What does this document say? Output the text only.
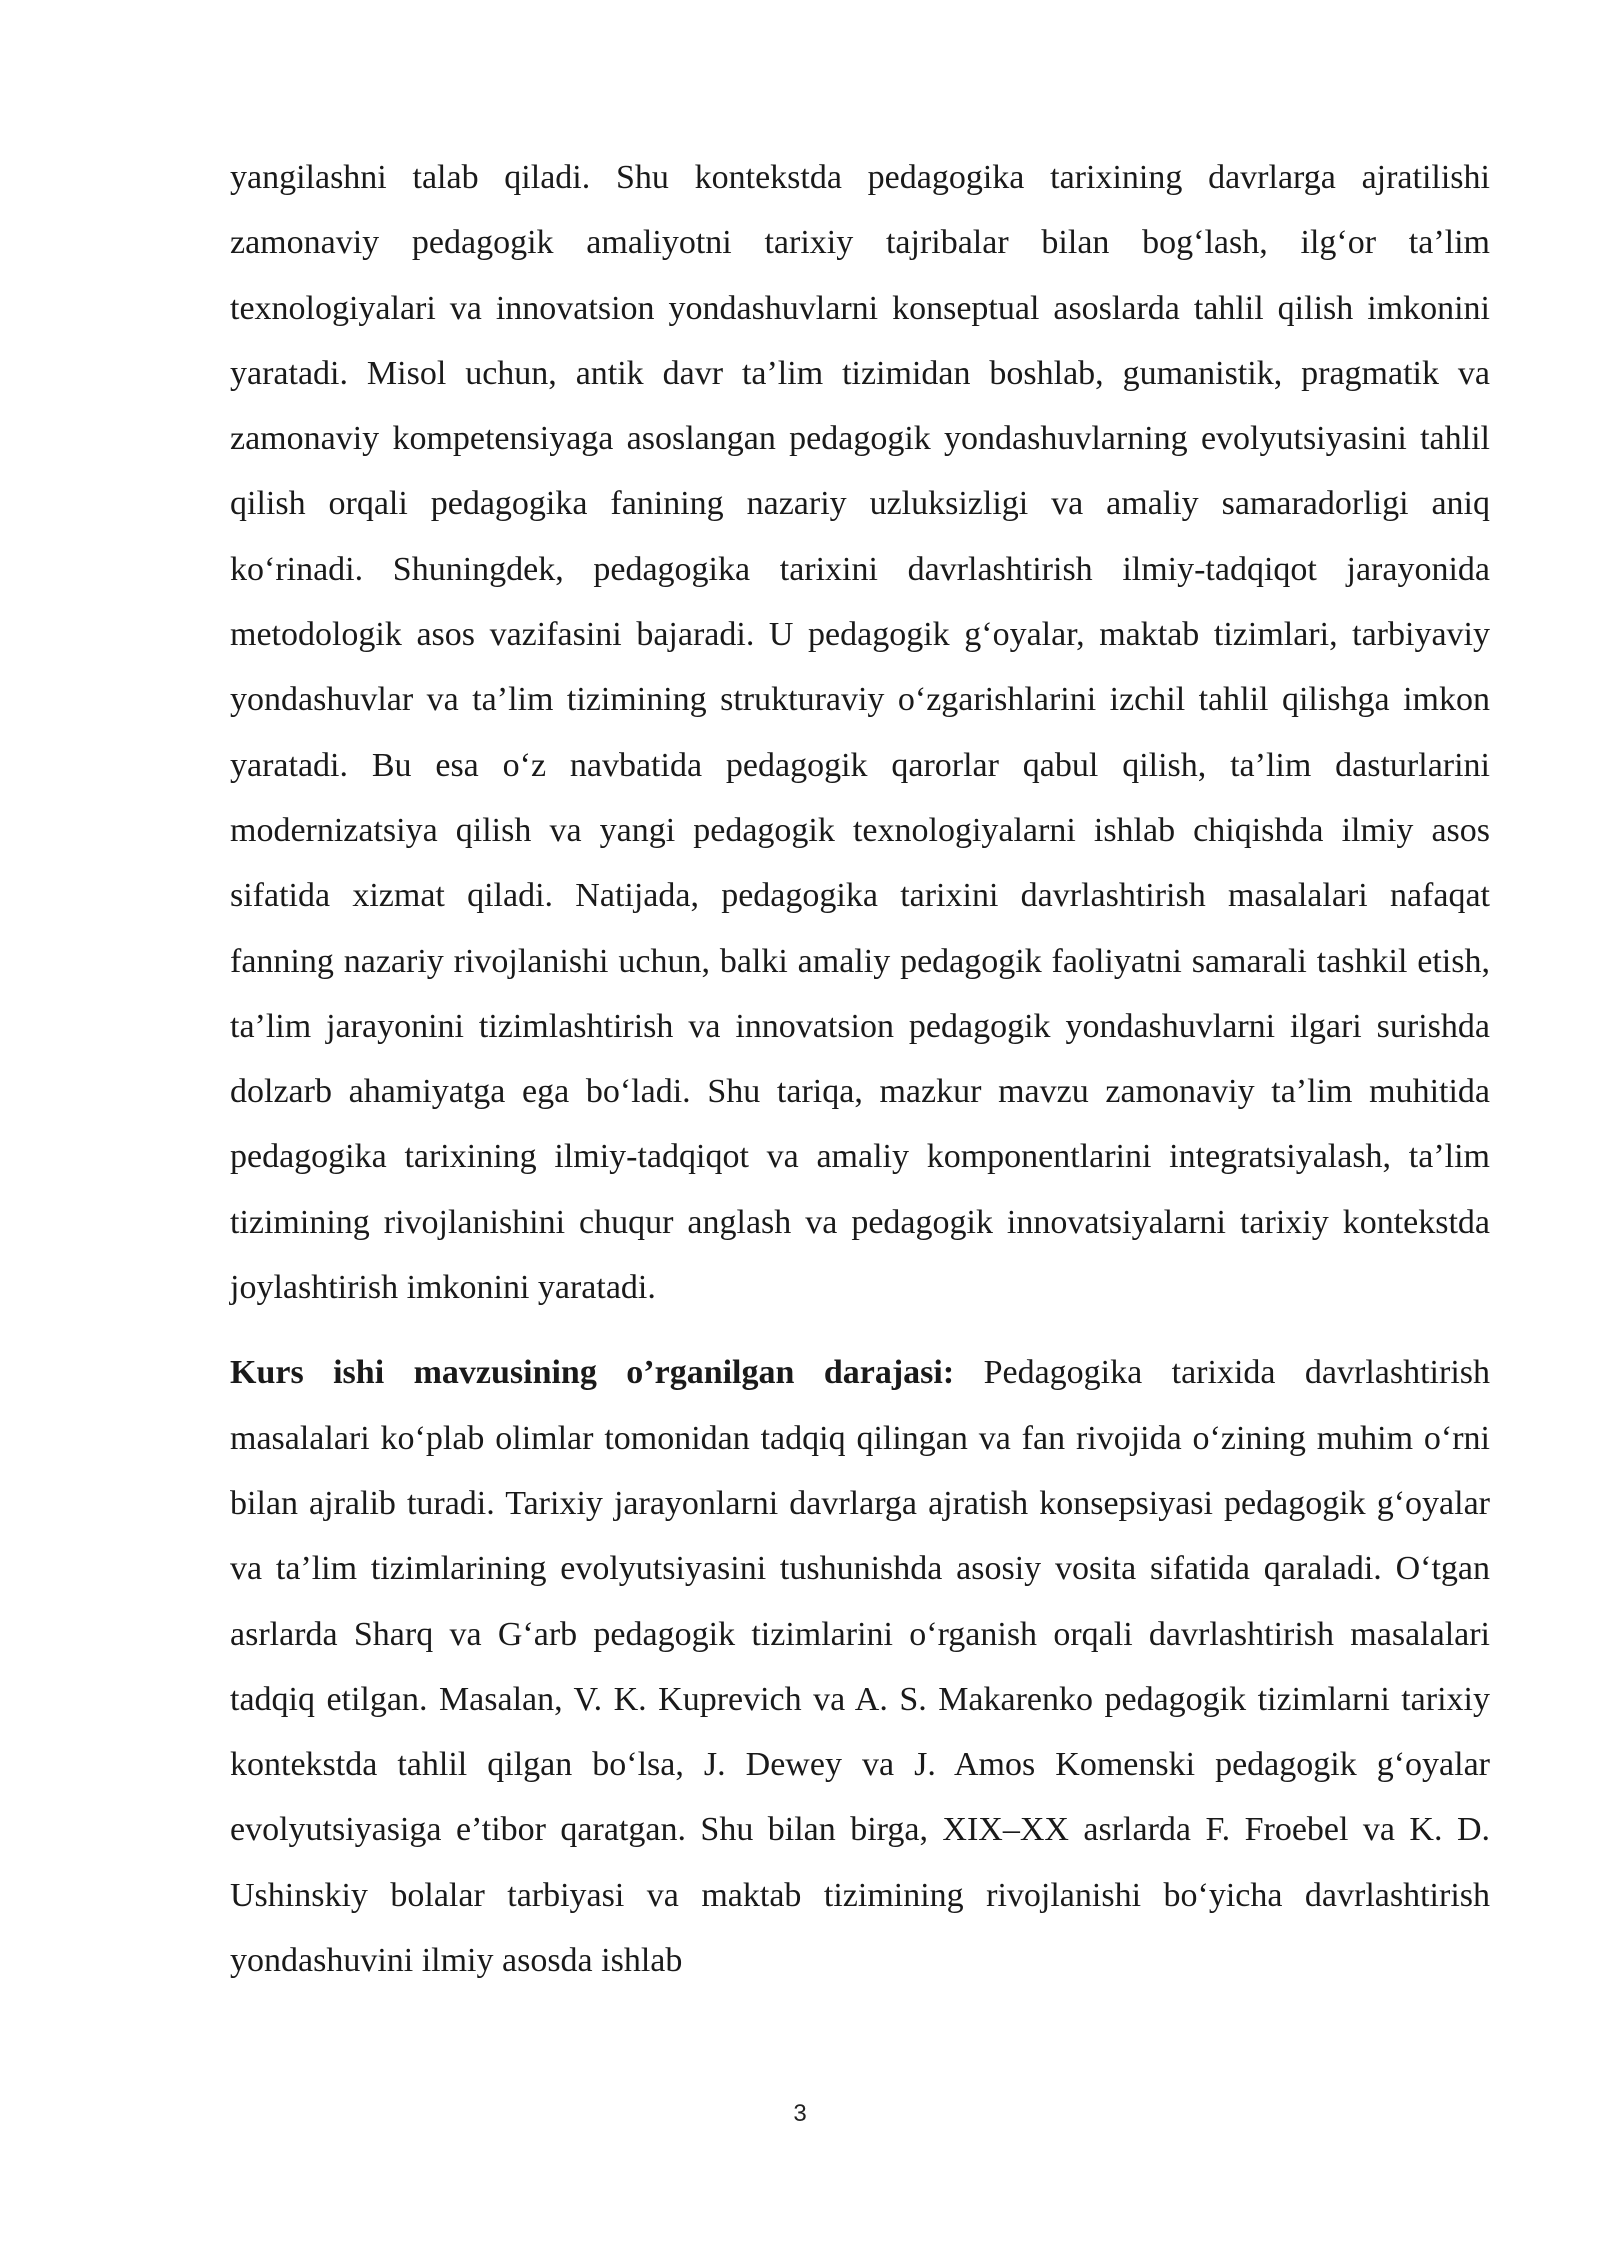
yangilashni talab qiladi. Shu kontekstda pedagogika tarixining davrlarga ajratilishi zamonaviy pedagogik amaliyotni tarixiy tajribalar bilan bog‘lash, ilg‘or ta’lim texnologiyalari va innovatsion yondashuvlarni konseptual asoslarda tahlil qilish imkonini yaratadi. Misol uchun, antik davr ta’lim tizimidan boshlab, gumanistik, pragmatik va zamonaviy kompetensiyaga asoslangan pedagogik yondashuvlarning evolyutsiyasini tahlil qilish orqali pedagogika fanining nazariy uzluksizligi va amaliy samaradorligi aniq ko‘rinadi. Shuningdek, pedagogika tarixini davrlashtirish ilmiy-tadqiqot jarayonida metodologik asos vazifasini bajaradi. U pedagogik g‘oyalar, maktab tizimlari, tarbiyaviy yondashuvlar va ta’lim tizimining strukturaviy o‘zgarishlarini izchil tahlil qilishga imkon yaratadi. Bu esa o‘z navbatida pedagogik qarorlar qabul qilish, ta’lim dasturlarini modernizatsiya qilish va yangi pedagogik texnologiyalarni ishlab chiqishda ilmiy asos sifatida xizmat qiladi. Natijada, pedagogika tarixini davrlashtirish masalalari nafaqat fanning nazariy rivojlanishi uchun, balki amaliy pedagogik faoliyatni samarali tashkil etish, ta’lim jarayonini tizimlashtirish va innovatsion pedagogik yondashuvlarni ilgari surishda dolzarb ahamiyatga ega bo‘ladi. Shu tariqa, mazkur mavzu zamonaviy ta’lim muhitida pedagogika tarixining ilmiy-tadqiqot va amaliy komponentlarini integratsiyalash, ta’lim tizimining rivojlanishini chuqur anglash va pedagogik innovatsiyalarni tarixiy kontekstda joylashtirish imkonini yaratadi.

Kurs ishi mavzusining o’rganilgan darajasi: Pedagogika tarixida davrlashtirish masalalari ko‘plab olimlar tomonidan tadqiq qilingan va fan rivojida o‘zining muhim o‘rni bilan ajralib turadi. Tarixiy jarayonlarni davrlarga ajratish konsepsiyasi pedagogik g‘oyalar va ta’lim tizimlarining evolyutsiyasini tushunishda asosiy vosita sifatida qaraladi. O‘tgan asrlarda Sharq va G‘arb pedagogik tizimlarini o‘rganish orqali davrlashtirish masalalari tadqiq etilgan. Masalan, V. K. Kuprevich va A. S. Makarenko pedagogik tizimlarni tarixiy kontekstda tahlil qilgan bo‘lsa, J. Dewey va J. Amos Komenski pedagogik g‘oyalar evolyutsiyasiga e’tibor qaratgan. Shu bilan birga, XIX–XX asrlarda F. Froebel va K. D. Ushinskiy bolalar tarbiyasi va maktab tizimining rivojlanishi bo‘yicha davrlashtirish yondashuvini ilmiy asosda ishlab

3
